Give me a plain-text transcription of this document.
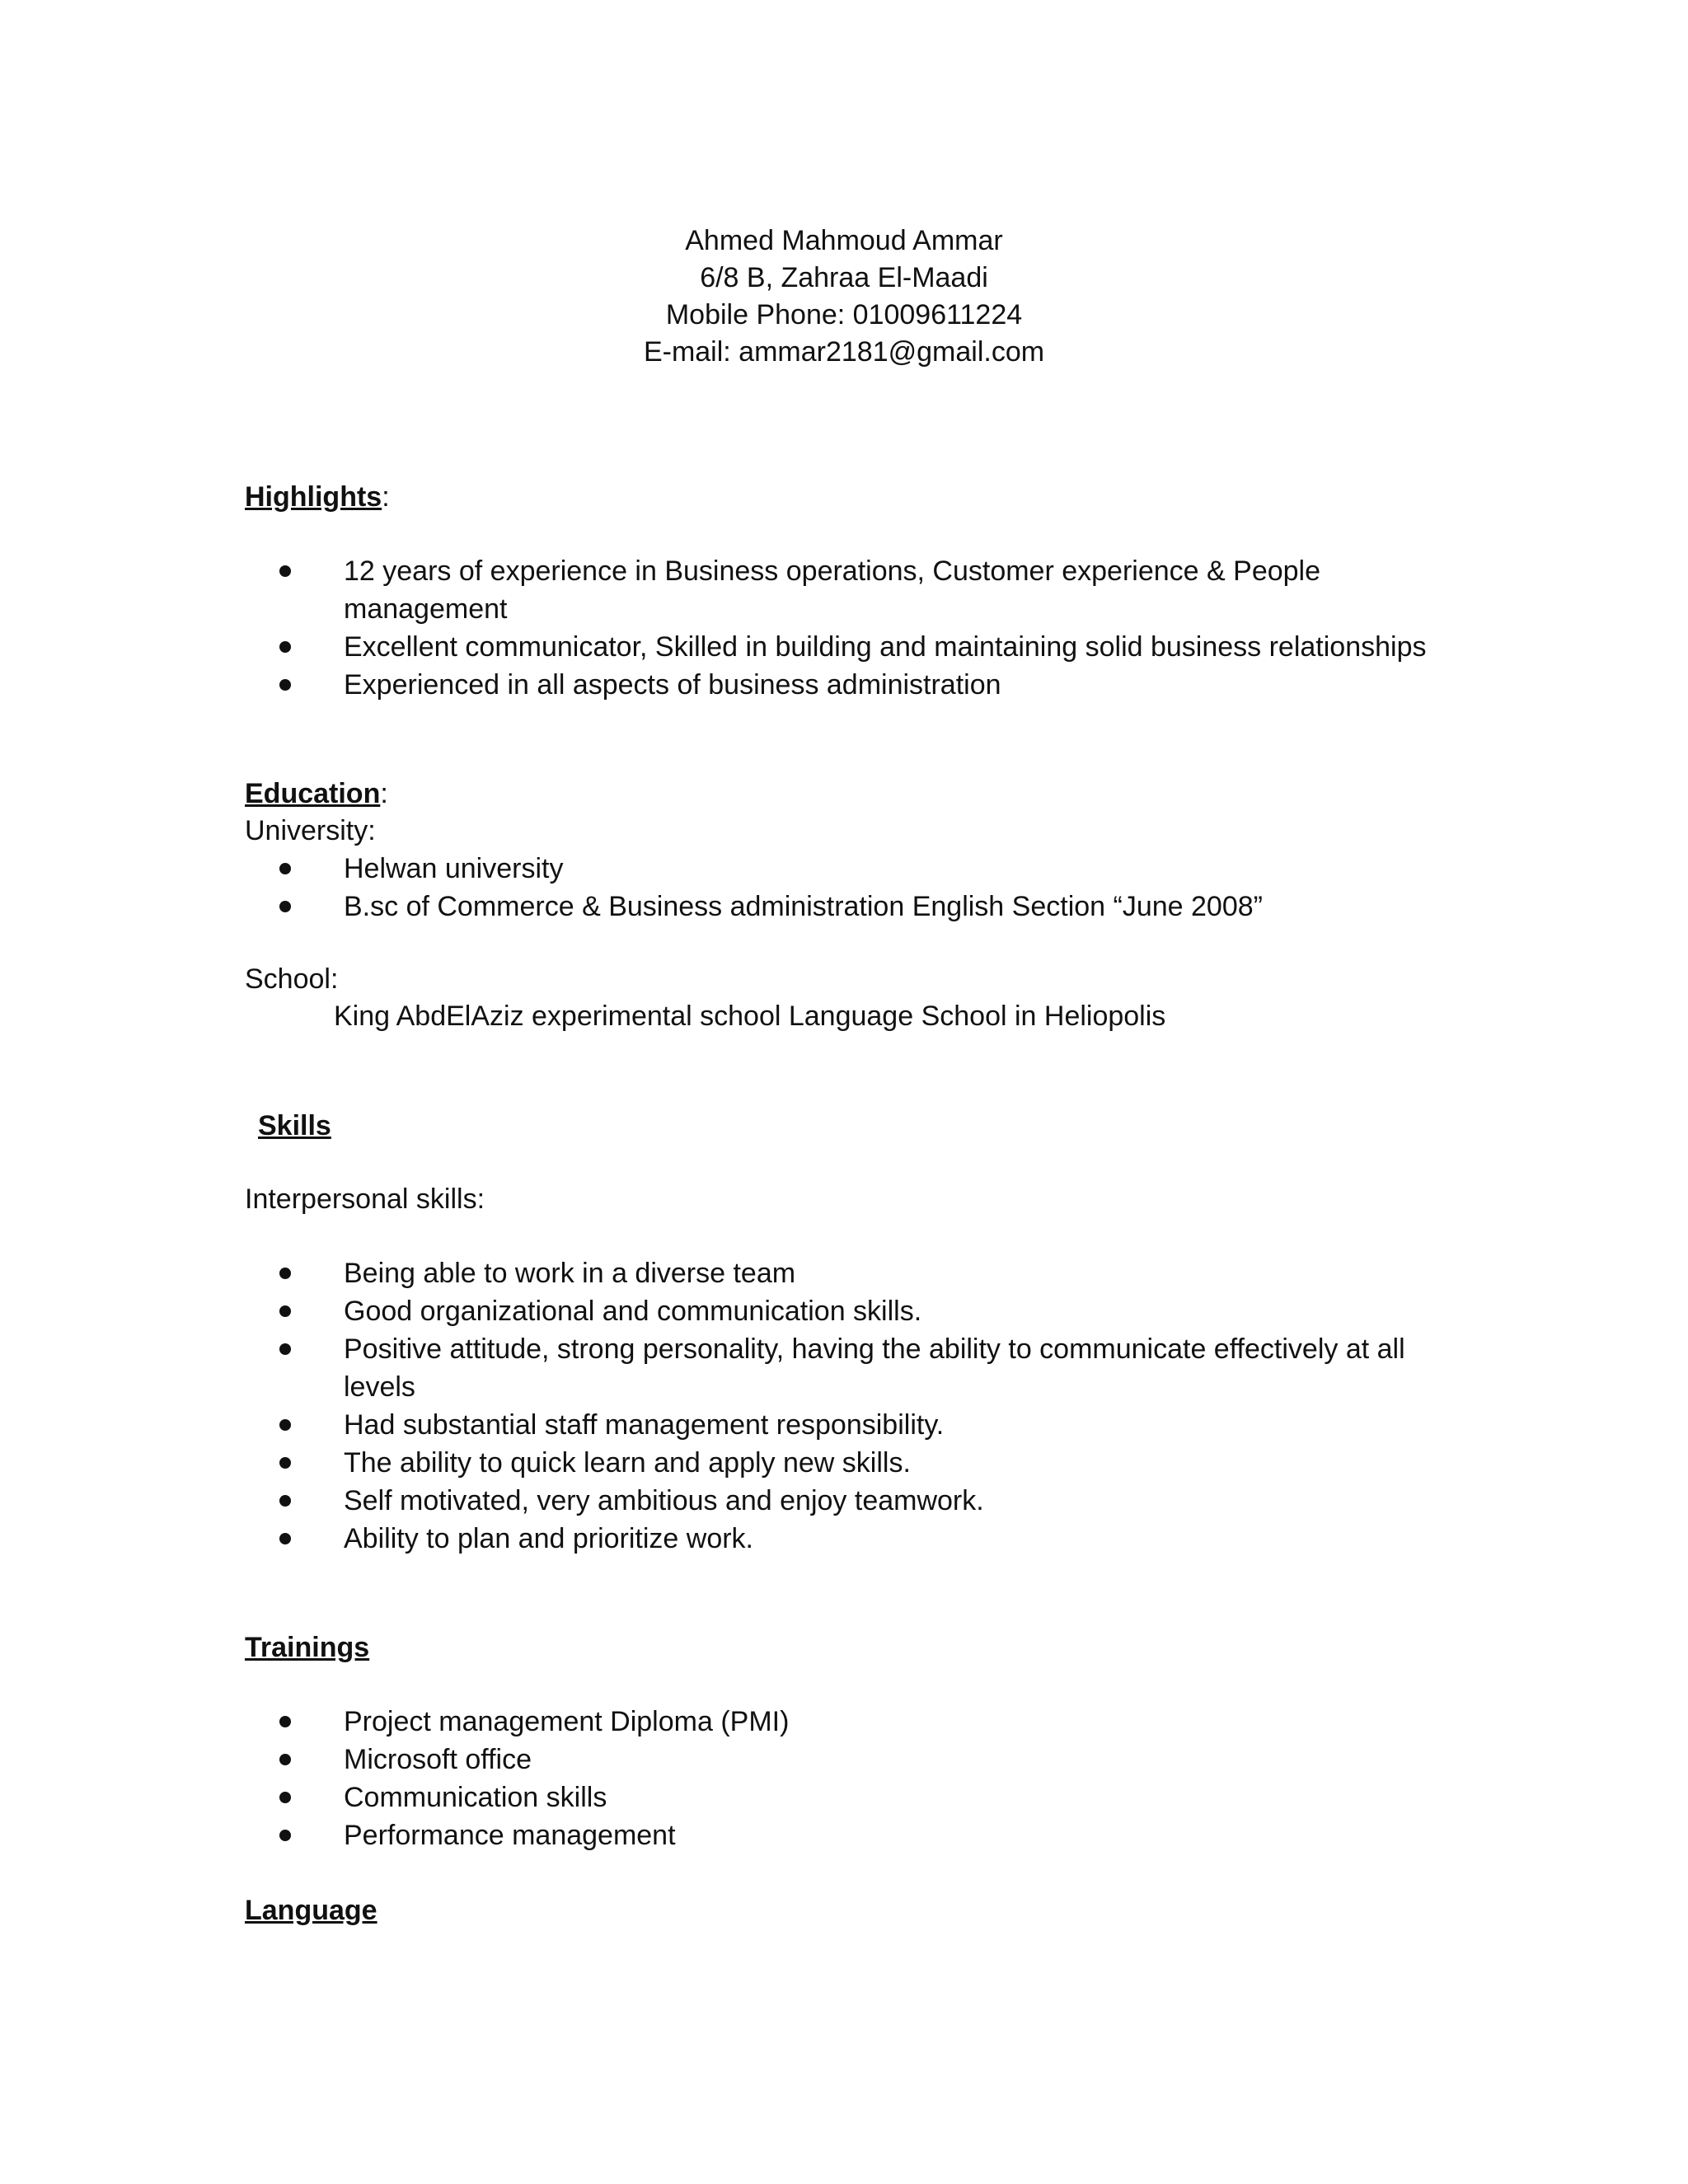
Ahmed Mahmoud Ammar
6/8 B, Zahraa El-Maadi
Mobile Phone: 01009611224
E-mail: ammar2181@gmail.com
Highlights:
12 years of experience in Business operations, Customer experience & People management
Excellent communicator, Skilled in building and maintaining solid business relationships
Experienced in all aspects of business administration
Education:
University:
Helwan university
B.sc of Commerce & Business administration English Section “June 2008”
School:
King AbdElAziz experimental school Language School in Heliopolis
Skills
Interpersonal skills:
Being able to work in a diverse team
Good organizational and communication skills.
Positive attitude, strong personality, having the ability to communicate effectively at all levels
Had substantial staff management responsibility.
The ability to quick learn and apply new skills.
Self motivated, very ambitious and enjoy teamwork.
Ability to plan and prioritize work.
Trainings
Project management Diploma (PMI)
Microsoft office
Communication skills
Performance management
Language
